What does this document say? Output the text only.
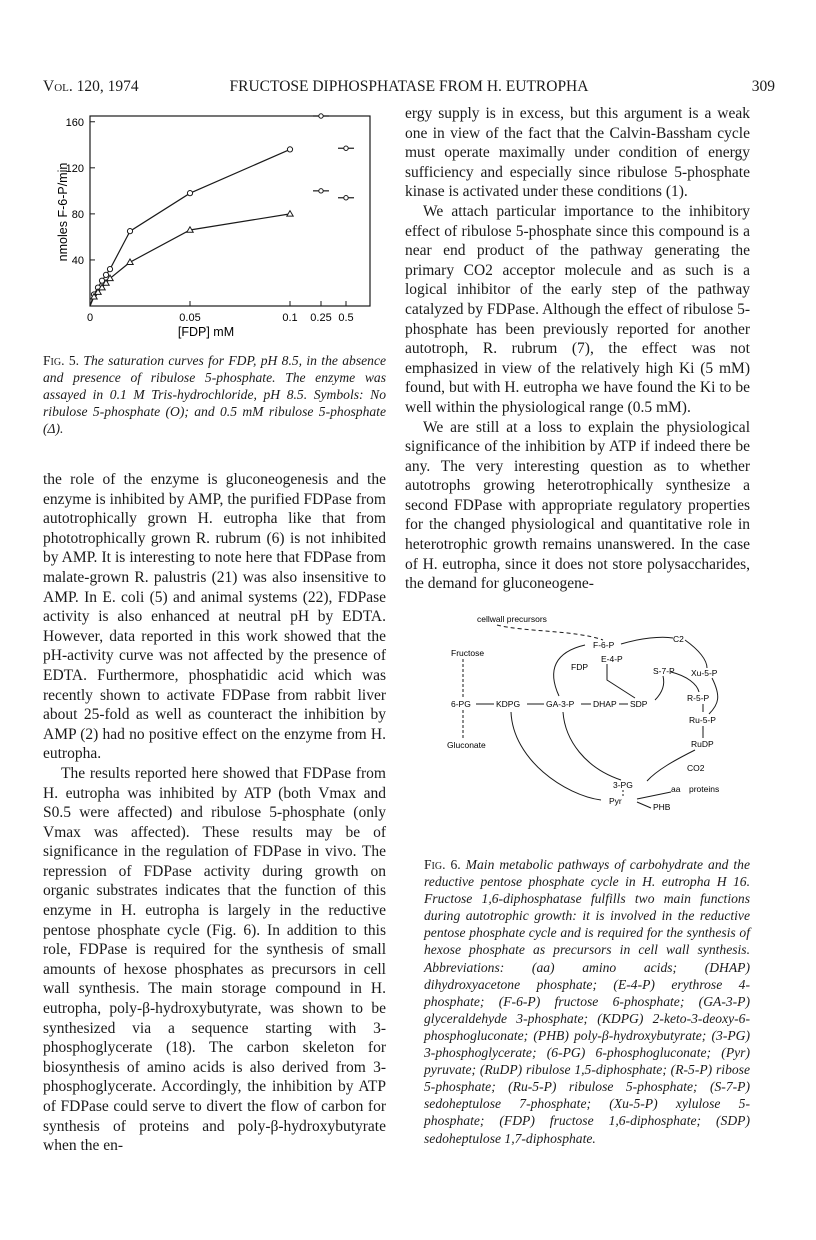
Vol. 120, 1974	FRUCTOSE DIPHOSPHATASE FROM H. EUTROPHA	309
40
80
120
160
0	0.05	0.1 0.25 0.5
nmoles F-6-P/min
[FDP] mM
Fig. 5. The saturation curves for FDP, pH 8.5, in the absence and presence of ribulose 5-phosphate. The enzyme was assayed in 0.1 M Tris-hydrochloride, pH 8.5. Symbols: No ribulose 5-phosphate (O); and 0.5 mM ribulose 5-phosphate (Δ).

the role of the enzyme is gluconeogenesis and the enzyme is inhibited by AMP, the purified FDPase from autotrophically grown H. eutropha like that from phototrophically grown R. rubrum (6) is not inhibited by AMP. It is interesting to note here that FDPase from malate-grown R. palustris (21) was also insensitive to AMP. In E. coli (5) and animal systems (22), FDPase activity is also enhanced at neutral pH by EDTA. However, data reported in this work showed that the pH-activity curve was not affected by the presence of EDTA. Furthermore, phosphatidic acid which was recently shown to activate FDPase from rabbit liver about 25-fold as well as counteract the inhibition by AMP (2) had no positive effect on the enzyme from H. eutropha.

The results reported here showed that FDPase from H. eutropha was inhibited by ATP (both Vmax and S0.5 were affected) and ribulose 5-phosphate (only Vmax was affected). These results may be of significance in the regulation of FDPase in vivo. The repression of FDPase activity during growth on organic substrates indicates that the function of this enzyme in H. eutropha is largely in the reductive pentose phosphate cycle (Fig. 6). In addition to this role, FDPase is required for the synthesis of small amounts of hexose phosphates as precursors in cell wall synthesis. The main storage compound in H. eutropha, poly-β-hydroxybutyrate, was shown to be synthesized via a sequence starting with 3-phosphoglycerate (18). The carbon skeleton for biosynthesis of amino acids is also derived from 3-phosphoglycerate. Accordingly, the inhibition by ATP of FDPase could serve to divert the flow of carbon for synthesis of proteins and poly-β-hydroxybutyrate when the en-

ergy supply is in excess, but this argument is a weak one in view of the fact that the Calvin-Bassham cycle must operate maximally under condition of energy sufficiency and especially since ribulose 5-phosphate kinase is activated under these conditions (1).

We attach particular importance to the inhibitory effect of ribulose 5-phosphate since this compound is a near end product of the pathway generating the primary CO2 acceptor molecule and as such is a logical inhibitor of the early step of the pathway catalyzed by FDPase. Although the effect of ribulose 5-phosphate has been previously reported for another autotroph, R. rubrum (7), the effect was not emphasized in view of the relatively high Ki (5 mM) found, but with H. eutropha we have found the Ki to be well within the physiological range (0.5 mM).

We are still at a loss to explain the physiological significance of the inhibition by ATP if indeed there be any. The very interesting question as to whether autotrophs growing heterotrophically synthesize a second FDPase with appropriate regulatory properties for the changed physiological and quantitative role in heterotrophic growth remains unanswered. In the case of H. eutropha, since it does not store polysaccharides, the demand for gluconeogene-

cellwall precursors
Fructose
6-PG
Gluconate
KDPG	GA-3-P DHAP SDP
F-6-P
FDP
E-4-P
C2
Xu-5-P
S-7-P
R-5-P
Ru-5-P
RuDP
CO2
3-PG
Pyr
aa proteins
PHB
Fig. 6. Main metabolic pathways of carbohydrate and the reductive pentose phosphate cycle in H. eutropha H 16. Fructose 1,6-diphosphatase fulfills two main functions during autotrophic growth: it is involved in the reductive pentose phosphate cycle and is required for the synthesis of hexose phosphate as precursors in cell wall synthesis. Abbreviations: (aa) amino acids; (DHAP) dihydroxyacetone phosphate; (E-4-P) erythrose 4-phosphate; (F-6-P) fructose 6-phosphate; (GA-3-P) glyceraldehyde 3-phosphate; (KDPG) 2-keto-3-deoxy-6-phosphogluconate; (PHB) poly-β-hydroxybutyrate; (3-PG) 3-phosphoglycerate; (6-PG) 6-phosphogluconate; (Pyr) pyruvate; (RuDP) ribulose 1,5-diphosphate; (R-5-P) ribose 5-phosphate; (Ru-5-P) ribulose 5-phosphate; (S-7-P) sedoheptulose 7-phosphate; (Xu-5-P) xylulose 5-phosphate; (FDP) fructose 1,6-diphosphate; (SDP) sedoheptulose 1,7-diphosphate.
